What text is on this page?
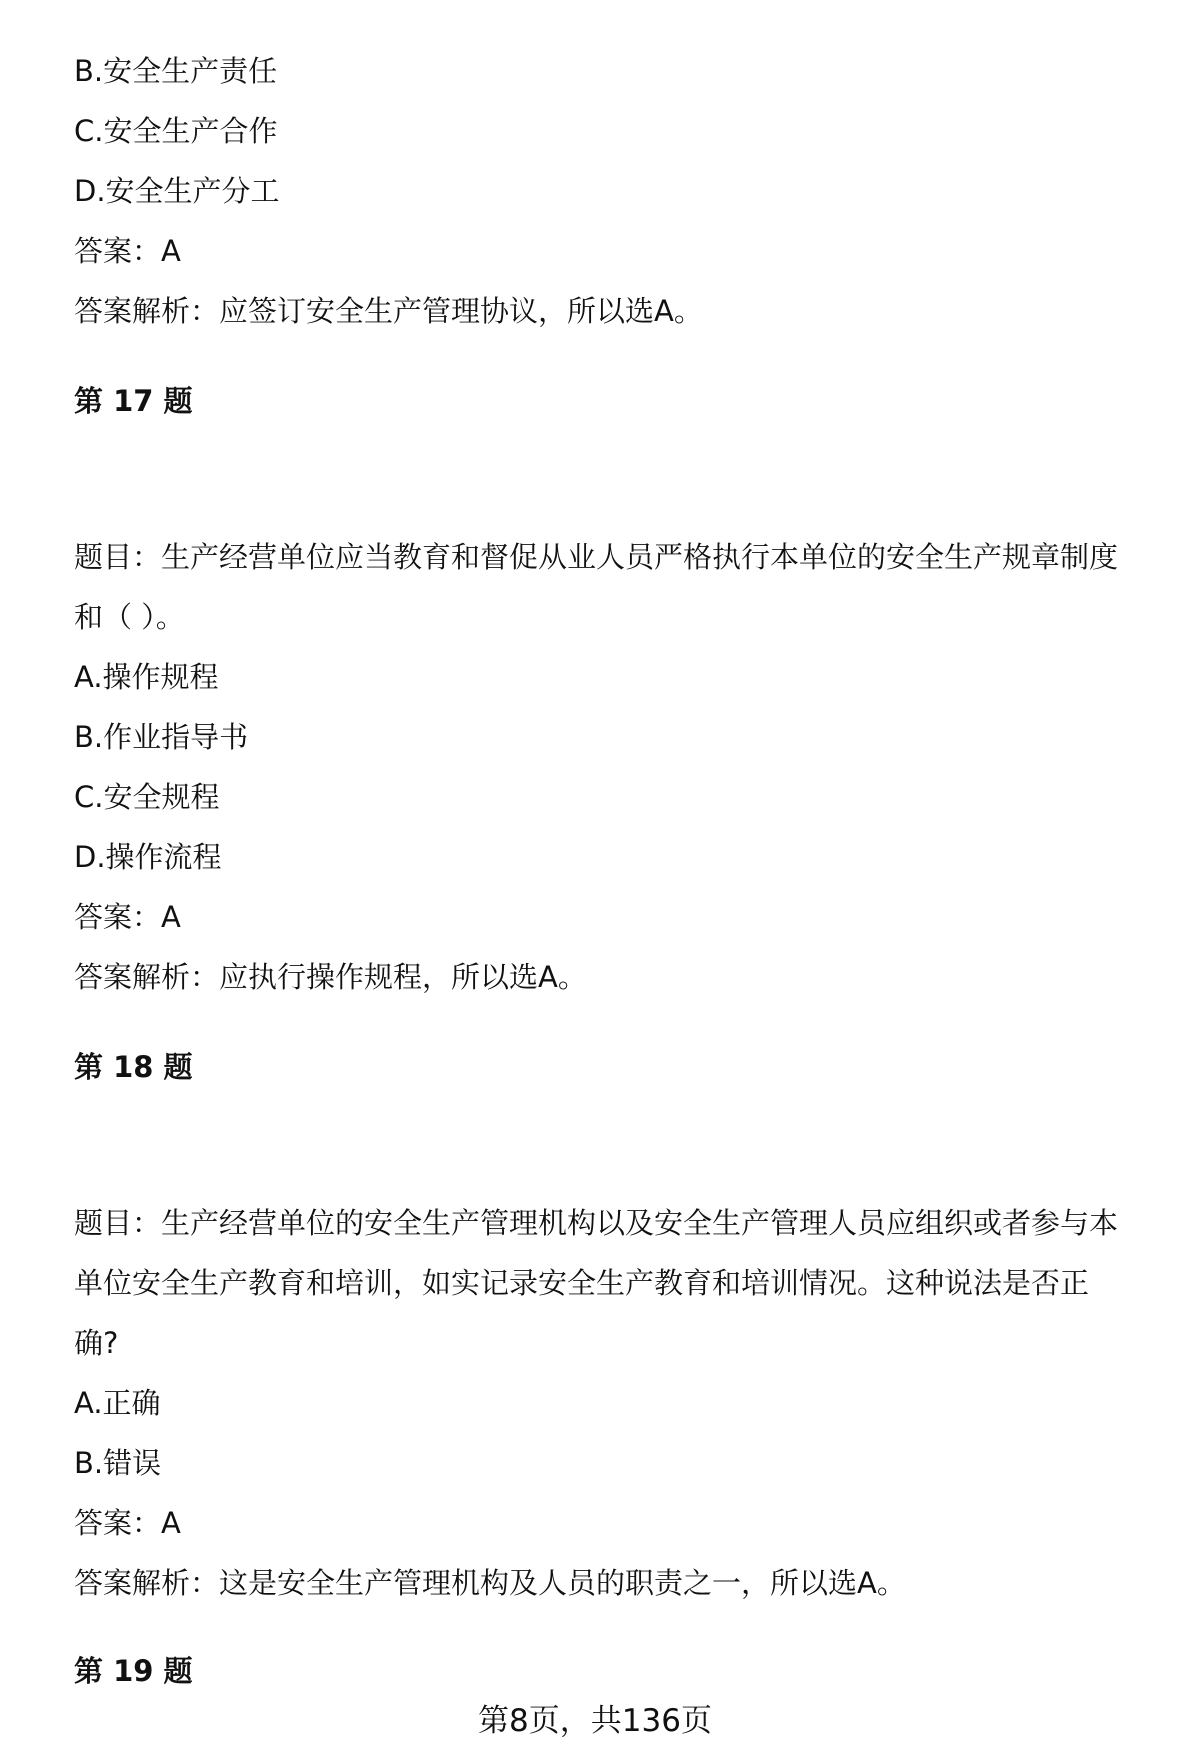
B.安全生产责任
C.安全生产合作
D.安全生产分工
答案：A
答案解析：应签订安全生产管理协议，所以选A。
第 17 题
题目：生产经营单位应当教育和督促从业人员严格执行本单位的安全生产规章制度
和（ ）。
A.操作规程
B.作业指导书
C.安全规程
D.操作流程
答案：A
答案解析：应执行操作规程，所以选A。
第 18 题
题目：生产经营单位的安全生产管理机构以及安全生产管理人员应组织或者参与本
单位安全生产教育和培训，如实记录安全生产教育和培训情况。这种说法是否正
确?
A.正确
B.错误
答案：A
答案解析：这是安全生产管理机构及人员的职责之一，所以选A。
第 19 题
第8页，共136页
